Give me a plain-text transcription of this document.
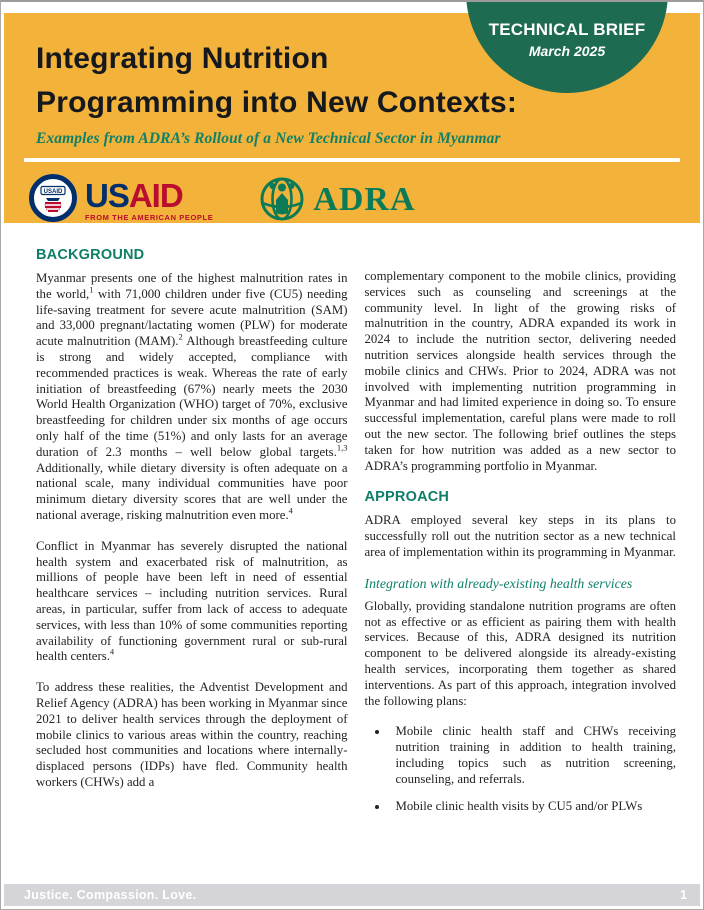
TECHNICAL BRIEF
March 2025
Integrating Nutrition
Programming into New Contexts:
Examples from ADRA’s Rollout of a New Technical Sector in Myanmar
USAID USAID
FROM THE AMERICAN PEOPLE	ADRA
BACKGROUND

Myanmar presents one of the highest malnutrition rates in the world,$^1$ with 71,000 children under five (CU5) needing life-saving treatment for severe acute malnutrition (SAM) and 33,000 pregnant/lactating women (PLW) for moderate acute malnutrition (MAM).$^2$ Although breastfeeding culture is strong and widely accepted, compliance with recommended practices is weak. Whereas the rate of early initiation of breastfeeding (67%) nearly meets the 2030 World Health Organization (WHO) target of 70%, exclusive breastfeeding for children under six months of age occurs only half of the time (51%) and only lasts for an average duration of 2.3 months – well below global targets.$^{1,3}$ Additionally, while dietary diversity is often adequate on a national scale, many individual communities have poor minimum dietary diversity scores that are well under the national average, risking malnutrition even more.$^4$

Conflict in Myanmar has severely disrupted the national health system and exacerbated risk of malnutrition, as millions of people have been left in need of essential healthcare services – including nutrition services. Rural areas, in particular, suffer from lack of access to adequate services, with less than 10% of some communities reporting availability of functioning government rural or sub-rural health centers.$^4$

To address these realities, the Adventist Development and Relief Agency (ADRA) has been working in Myanmar since 2021 to deliver health services through the deployment of mobile clinics to various areas within the country, reaching secluded host communities and locations where internally-displaced persons (IDPs) have fled. Community health workers (CHWs) add a

complementary component to the mobile clinics, providing services such as counseling and screenings at the community level. In light of the growing risks of malnutrition in the country, ADRA expanded its work in 2024 to include the nutrition sector, delivering needed nutrition services alongside health services through the mobile clinics and CHWs. Prior to 2024, ADRA was not involved with implementing nutrition programming in Myanmar and had limited experience in doing so. To ensure successful implementation, careful plans were made to roll out the new sector. The following brief outlines the steps taken for how nutrition was added as a new sector to ADRA’s programming portfolio in Myanmar.

APPROACH

ADRA employed several key steps in its plans to successfully roll out the nutrition sector as a new technical area of implementation within its programming in Myanmar.

Integration with already-existing health services

Globally, providing standalone nutrition programs are often not as effective or as efficient as pairing them with health services. Because of this, ADRA designed its nutrition component to be delivered alongside its already-existing health services, incorporating them together as shared interventions. As part of this approach, integration involved the following plans:

• Mobile clinic health staff and CHWs receiving nutrition training in addition to health training, including topics such as nutrition screening, counseling, and referrals.
• Mobile clinic health visits by CU5 and/or PLWs
Justice. Compassion. Love.	1
